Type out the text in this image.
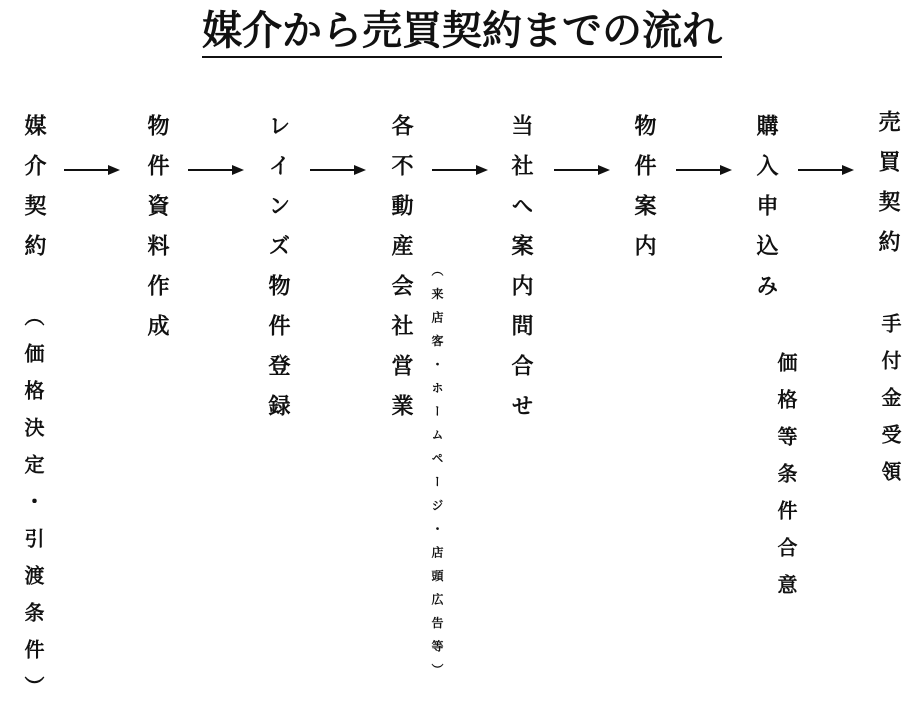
媒介から売買契約までの流れ
媒介契約
（価格決定・引渡条件）
物件資料作成	レインズ物件登録	各不動産会社営業 （来店客・ホームページ・店頭広告等）	当社へ案内問合せ	物件案内	購入申込み
価格等条件合意
売買契約
手付金受領
